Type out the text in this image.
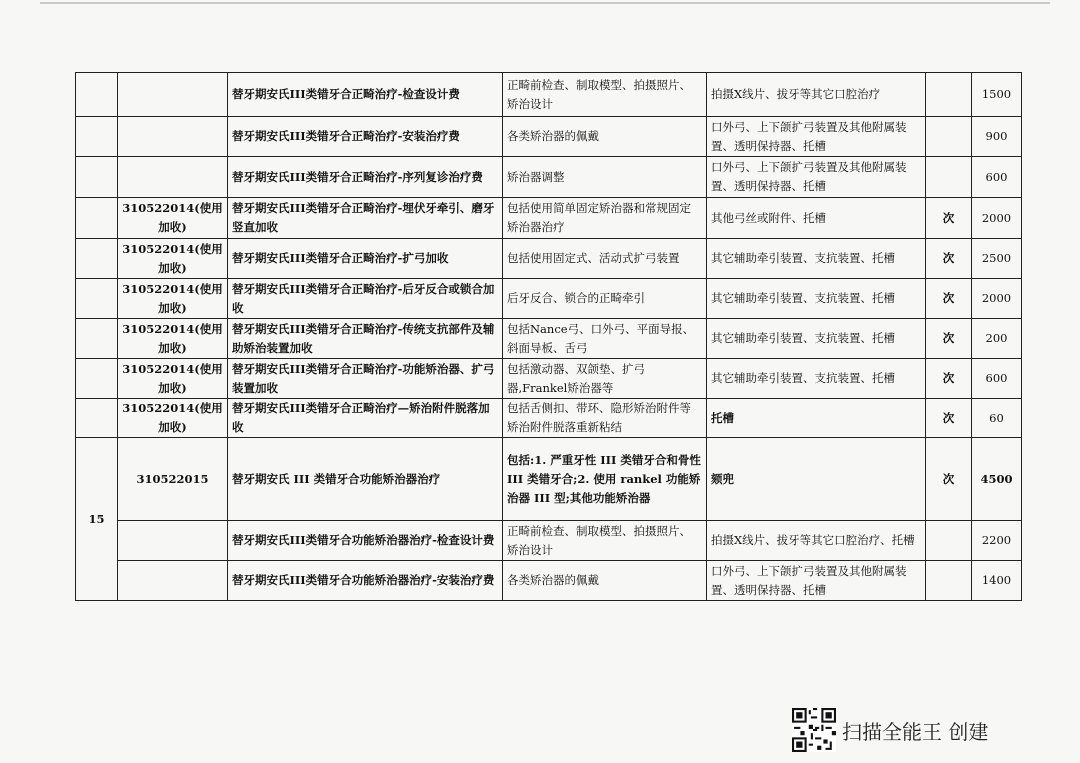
		替牙期安氏III类错牙合正畸治疗-检查设计费	正畸前检查、制取模型、拍摄照片、矫治设计	拍摄X线片、拔牙等其它口腔治疗		1500
		替牙期安氏III类错牙合正畸治疗-安装治疗费	各类矫治器的佩戴	口外弓、上下颌扩弓装置及其他附属装置、透明保持器、托槽		900
		替牙期安氏III类错牙合正畸治疗-序列复诊治疗费	矫治器调整	口外弓、上下颌扩弓装置及其他附属装置、透明保持器、托槽		600
	310522014(使用加收)	替牙期安氏III类错牙合正畸治疗-埋伏牙牵引、磨牙竖直加收	包括使用简单固定矫治器和常规固定矫治器治疗	其他弓丝或附件、托槽	次	2000
	310522014(使用加收)	替牙期安氏III类错牙合正畸治疗-扩弓加收	包括使用固定式、活动式扩弓装置	其它辅助牵引装置、支抗装置、托槽	次	2500
	310522014(使用加收)	替牙期安氏III类错牙合正畸治疗-后牙反合或锁合加收	后牙反合、锁合的正畸牵引	其它辅助牵引装置、支抗装置、托槽	次	2000
	310522014(使用加收)	替牙期安氏III类错牙合正畸治疗-传统支抗部件及辅助矫治装置加收	包括Nance弓、口外弓、平面导报、斜面导板、舌弓	其它辅助牵引装置、支抗装置、托槽	次	200
	310522014(使用加收)	替牙期安氏III类错牙合正畸治疗-功能矫治器、扩弓装置加收	包括激动器、双颌垫、扩弓器,Frankel矫治器等	其它辅助牵引装置、支抗装置、托槽	次	600
	310522014(使用加收)	替牙期安氏III类错牙合正畸治疗—矫治附件脱落加收	包括舌侧扣、带环、隐形矫治附件等矫治附件脱落重新粘结	托槽	次	60
15	310522015	替牙期安氏 III 类错牙合功能矫治器治疗	包括:1. 严重牙性 III 类错牙合和骨性 III 类错牙合;2. 使用 rankel 功能矫治器 III 型;其他功能矫治器	颏兜	次	4500
		替牙期安氏III类错牙合功能矫治器治疗-检查设计费	正畸前检查、制取模型、拍摄照片、矫治设计	拍摄X线片、拔牙等其它口腔治疗、托槽		2200
		替牙期安氏III类错牙合功能矫治器治疗-安装治疗费	各类矫治器的佩戴	口外弓、上下颌扩弓装置及其他附属装置、透明保持器、托槽		1400
扫描全能王 创建
